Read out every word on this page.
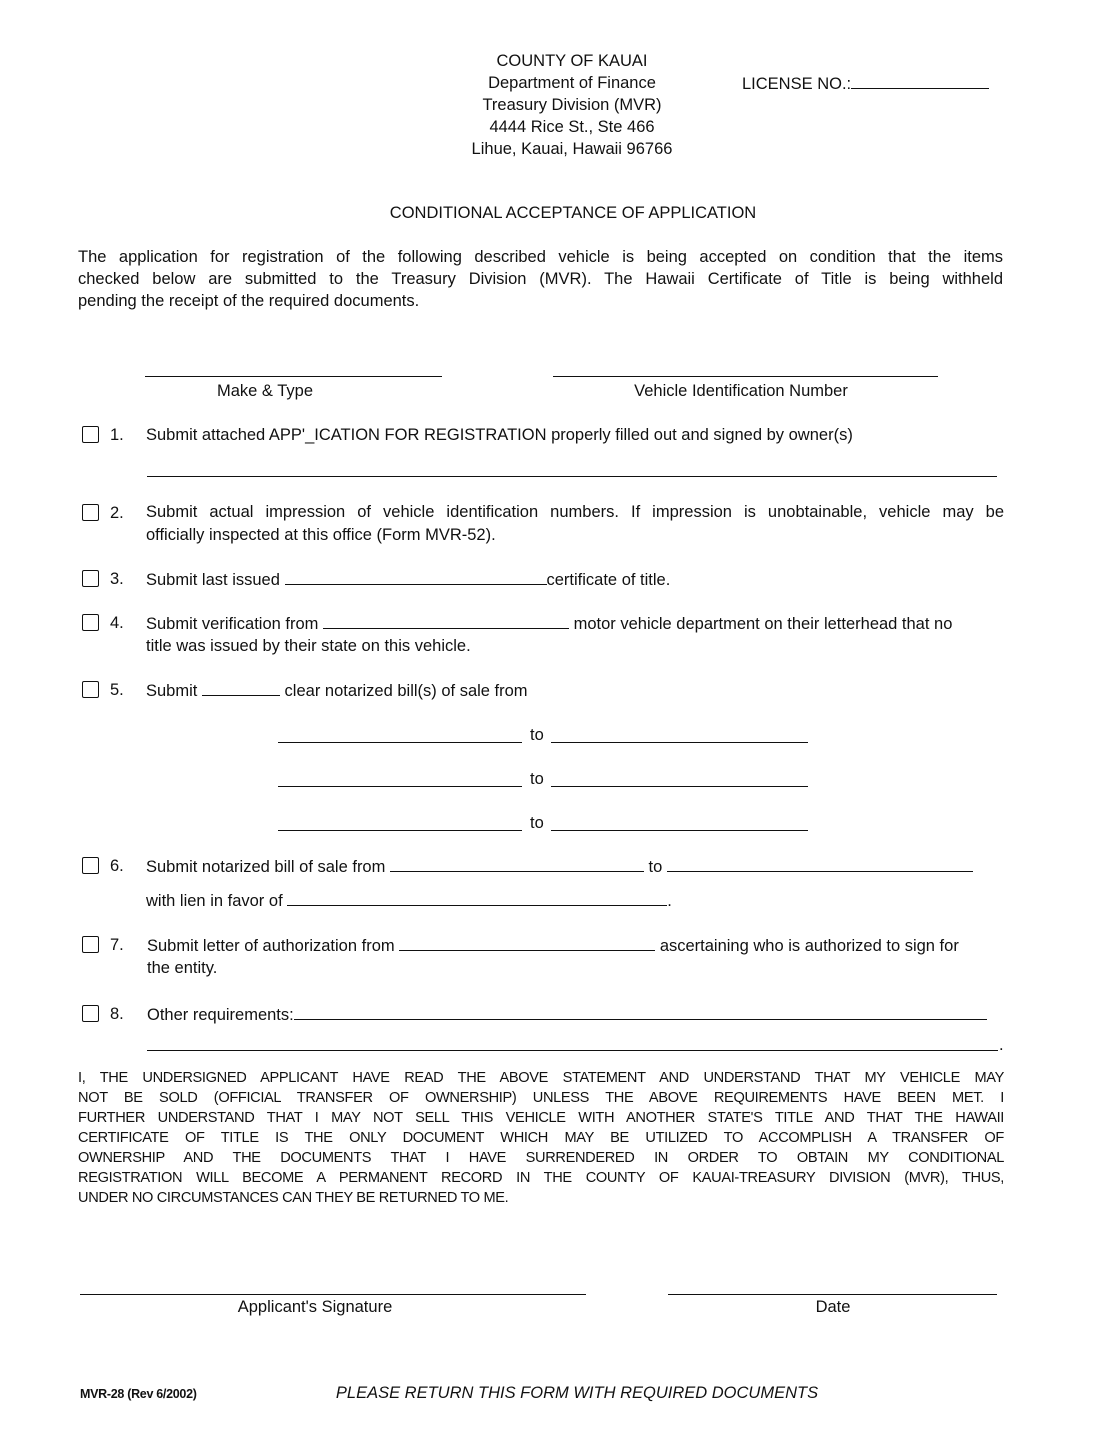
COUNTY OF KAUAI
Department of Finance
Treasury Division (MVR)
4444 Rice St., Ste 466
Lihue, Kauai, Hawaii 96766
LICENSE NO.:
CONDITIONAL ACCEPTANCE OF APPLICATION
The application for registration of the following described vehicle is being accepted on condition that the items
checked below are submitted to the Treasury Division (MVR). The Hawaii Certificate of Title is being withheld
pending the receipt of the required documents.
Make & Type	Vehicle Identification Number
1. Submit attached APP'_ICATION FOR REGISTRATION properly filled out and signed by owner(s)
2. Submit actual impression of vehicle identification numbers. If impression is unobtainable, vehicle may be
officially inspected at this office (Form MVR-52).
3. Submit last issued	certificate of title.
4. Submit verification from	motor vehicle department on their letterhead that no
title was issued by their state on this vehicle.
5. Submit	clear notarized bill(s) of sale from
to
to
to
6. Submit notarized bill of sale from	to
with lien in favor of	.
7. Submit letter of authorization from	ascertaining who is authorized to sign for
the entity.
8. Other requirements:
.
I, THE UNDERSIGNED APPLICANT HAVE READ THE ABOVE STATEMENT AND UNDERSTAND THAT MY VEHICLE MAY
NOT BE SOLD (OFFICIAL TRANSFER OF OWNERSHIP) UNLESS THE ABOVE REQUIREMENTS HAVE BEEN MET. I
FURTHER UNDERSTAND THAT I MAY NOT SELL THIS VEHICLE WITH ANOTHER STATE'S TITLE AND THAT THE HAWAII
CERTIFICATE OF TITLE IS THE ONLY DOCUMENT WHICH MAY BE UTILIZED TO ACCOMPLISH A TRANSFER OF
OWNERSHIP AND THE DOCUMENTS THAT I HAVE SURRENDERED IN ORDER TO OBTAIN MY CONDITIONAL
REGISTRATION WILL BECOME A PERMANENT RECORD IN THE COUNTY OF KAUAI-TREASURY DIVISION (MVR), THUS,
UNDER NO CIRCUMSTANCES CAN THEY BE RETURNED TO ME.
Applicant's Signature	Date
MVR-28 (Rev 6/2002)	PLEASE RETURN THIS FORM WITH REQUIRED DOCUMENTS
